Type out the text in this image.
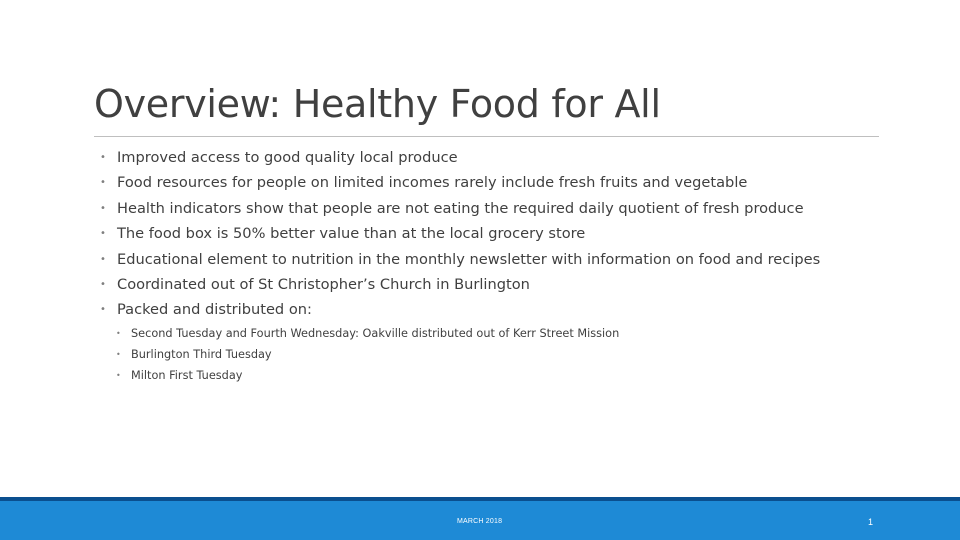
Overview: Healthy Food for All
• Improved access to good quality local produce
• Food resources for people on limited incomes rarely include fresh fruits and vegetable
• Health indicators show that people are not eating the required daily quotient of fresh produce
• The food box is 50% better value than at the local grocery store
• Educational element to nutrition in the monthly newsletter with information on food and recipes
• Coordinated out of St Christopher’s Church in Burlington
• Packed and distributed on:
• Second Tuesday and Fourth Wednesday: Oakville distributed out of Kerr Street Mission
• Burlington Third Tuesday
• Milton First Tuesday
MARCH 2018	1
